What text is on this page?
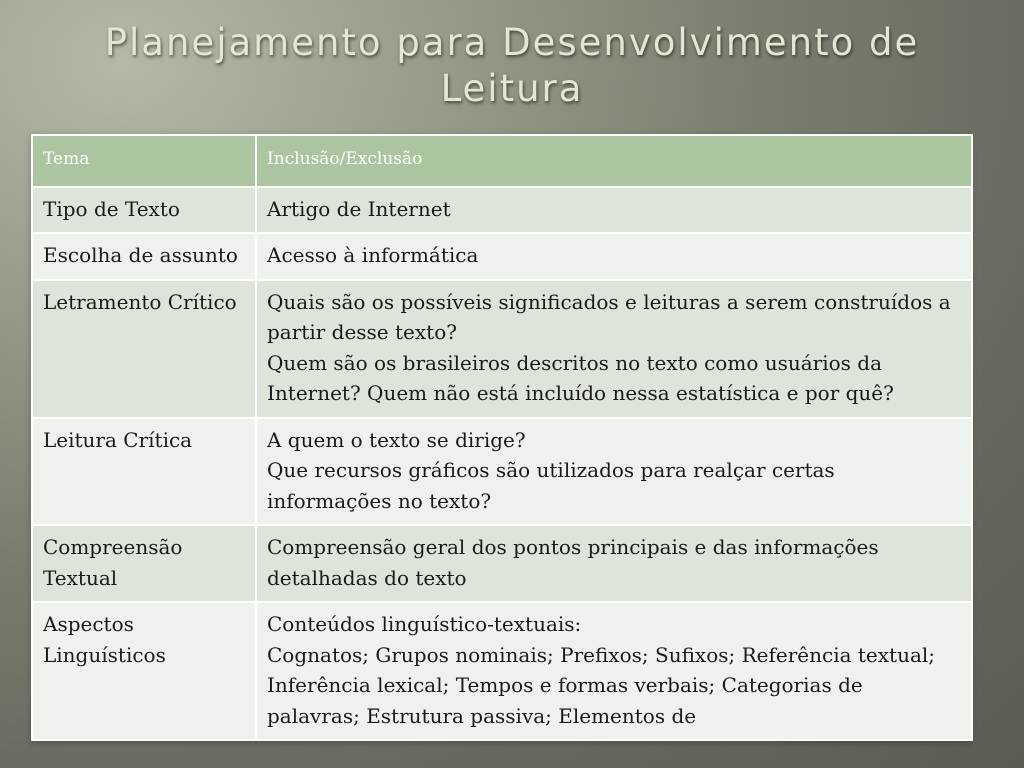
Planejamento para Desenvolvimento de
Leitura
Tema	Inclusão/Exclusão
Tipo de Texto	Artigo de Internet

Escolha de assunto	Acesso à informática

Letramento Crítico	Quais são os possíveis significados e leituras a serem construídos a partir desse texto?
Quem são os brasileiros descritos no texto como usuários da Internet? Quem não está incluído nessa estatística e por quê?

Leitura Crítica	A quem o texto se dirige?
Que recursos gráficos são utilizados para realçar certas informações no texto?

Compreensão Textual	Compreensão geral dos pontos principais e das informações detalhadas do texto

Aspectos Linguísticos	Conteúdos linguístico-textuais:
Cognatos; Grupos nominais; Prefixos; Sufixos; Referência textual; Inferência lexical; Tempos e formas verbais; Categorias de palavras; Estrutura passiva; Elementos de
